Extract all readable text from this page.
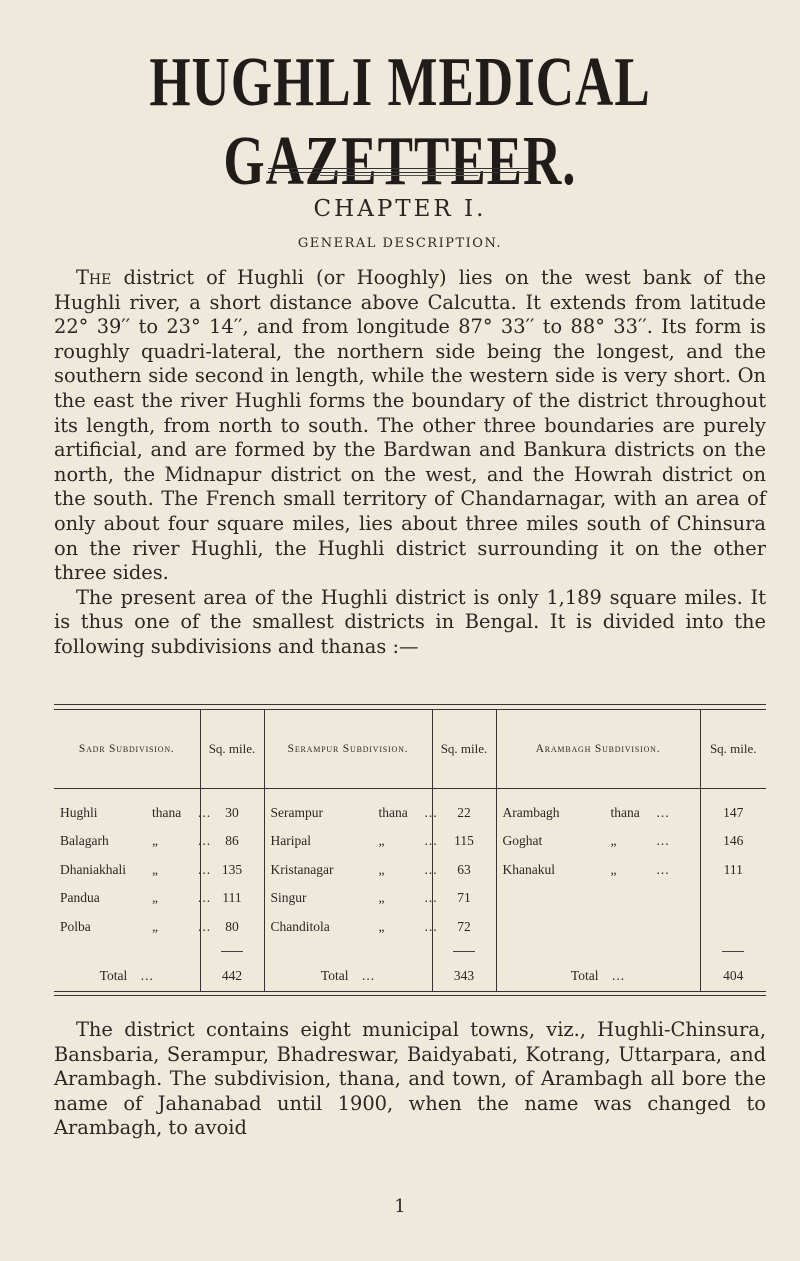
HUGHLI MEDICAL GAZETTEER.
CHAPTER I.
GENERAL DESCRIPTION.
The district of Hughli (or Hooghly) lies on the west bank of the Hughli river, a short distance above Calcutta. It extends from latitude 22° 39′′ to 23° 14′′, and from longitude 87° 33′′ to 88° 33′′. Its form is roughly quadri-lateral, the northern side being the longest, and the southern side second in length, while the western side is very short. On the east the river Hughli forms the boundary of the district throughout its length, from north to south. The other three boundaries are purely artificial, and are formed by the Bardwan and Bankura districts on the north, the Midnapur district on the west, and the Howrah district on the south. The French small territory of Chandarnagar, with an area of only about four square miles, lies about three miles south of Chinsura on the river Hughli, the Hughli district surrounding it on the other three sides.
The present area of the Hughli district is only 1,189 square miles. It is thus one of the smallest districts in Bengal. It is divided into the following subdivisions and thanas :—
Sadr Subdivision.	Sq. mile.	Serampur Subdivision.	Sq. mile.	Arambagh Subdivision.	Sq. mile.
Hughli thana ...	30	Serampur thana ...	22	Arambagh thana ...	147
Balagarh „ ...	86	Haripal „ ...	115	Goghat „ ...	146
Dhaniakhali „ ...	135	Kristanagar „ ...	63	Khanakul „ ...	111
Pandua „ ...	111	Singur „ ...	71		
Polba „ ...	80	Chanditola „ ...	72		

Total ...	442	Total ...	343	Total ...	404
The district contains eight municipal towns, viz., Hughli-Chinsura, Bansbaria, Serampur, Bhadreswar, Baidyabati, Kotrang, Uttarpara, and Arambagh. The subdivision, thana, and town, of Arambagh all bore the name of Jahanabad until 1900, when the name was changed to Arambagh, to avoid
1
